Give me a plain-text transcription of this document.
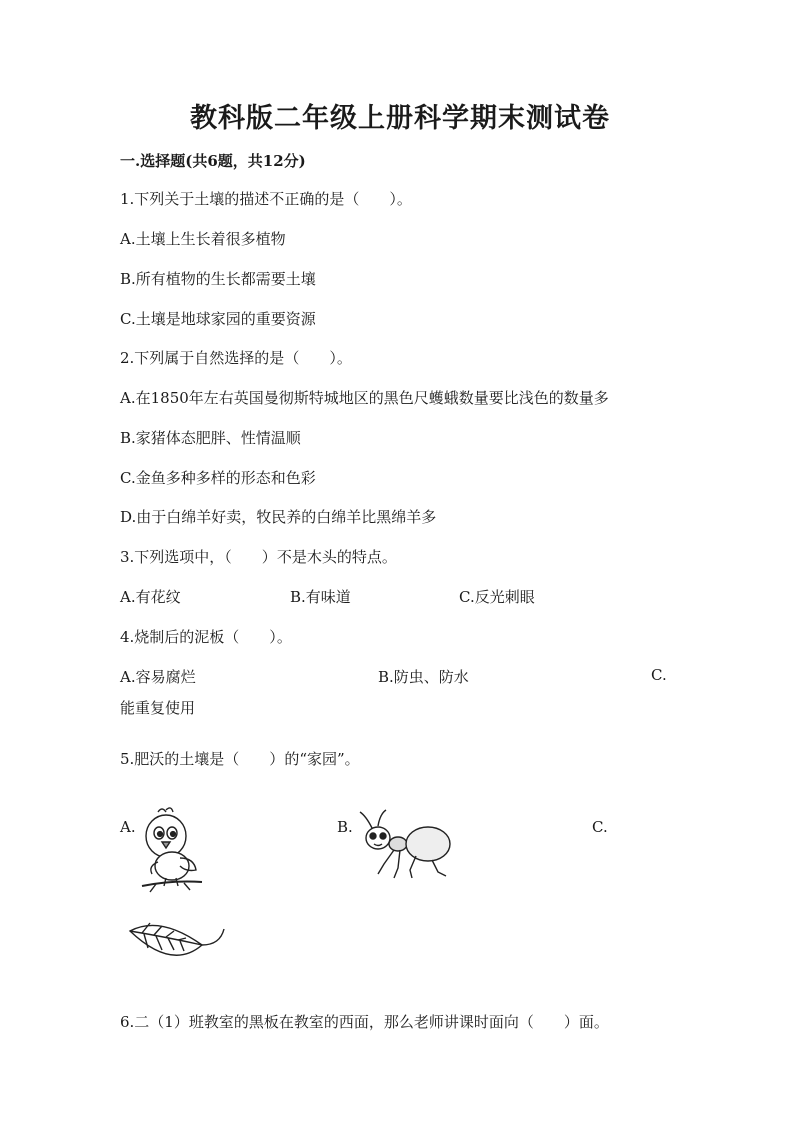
教科版二年级上册科学期末测试卷
一.选择题(共6题，共12分)
1.下列关于土壤的描述不正确的是（　　）。
A.土壤上生长着很多植物
B.所有植物的生长都需要土壤
C.土壤是地球家园的重要资源
2.下列属于自然选择的是（　　）。
A.在1850年左右英国曼彻斯特城地区的黑色尺蠖蛾数量要比浅色的数量多
B.家猪体态肥胖、性情温顺
C.金鱼多种多样的形态和色彩
D.由于白绵羊好卖，牧民养的白绵羊比黑绵羊多
3.下列选项中，（　　）不是木头的特点。
A.有花纹	B.有味道	C.反光刺眼
4.烧制后的泥板（　　）。
A.容易腐烂	B.防虫、防水	C.
能重复使用
5.肥沃的土壤是（　　）的“家园”。
A.	B.	C.
6.二（1）班教室的黑板在教室的西面，那么老师讲课时面向（　　）面。
